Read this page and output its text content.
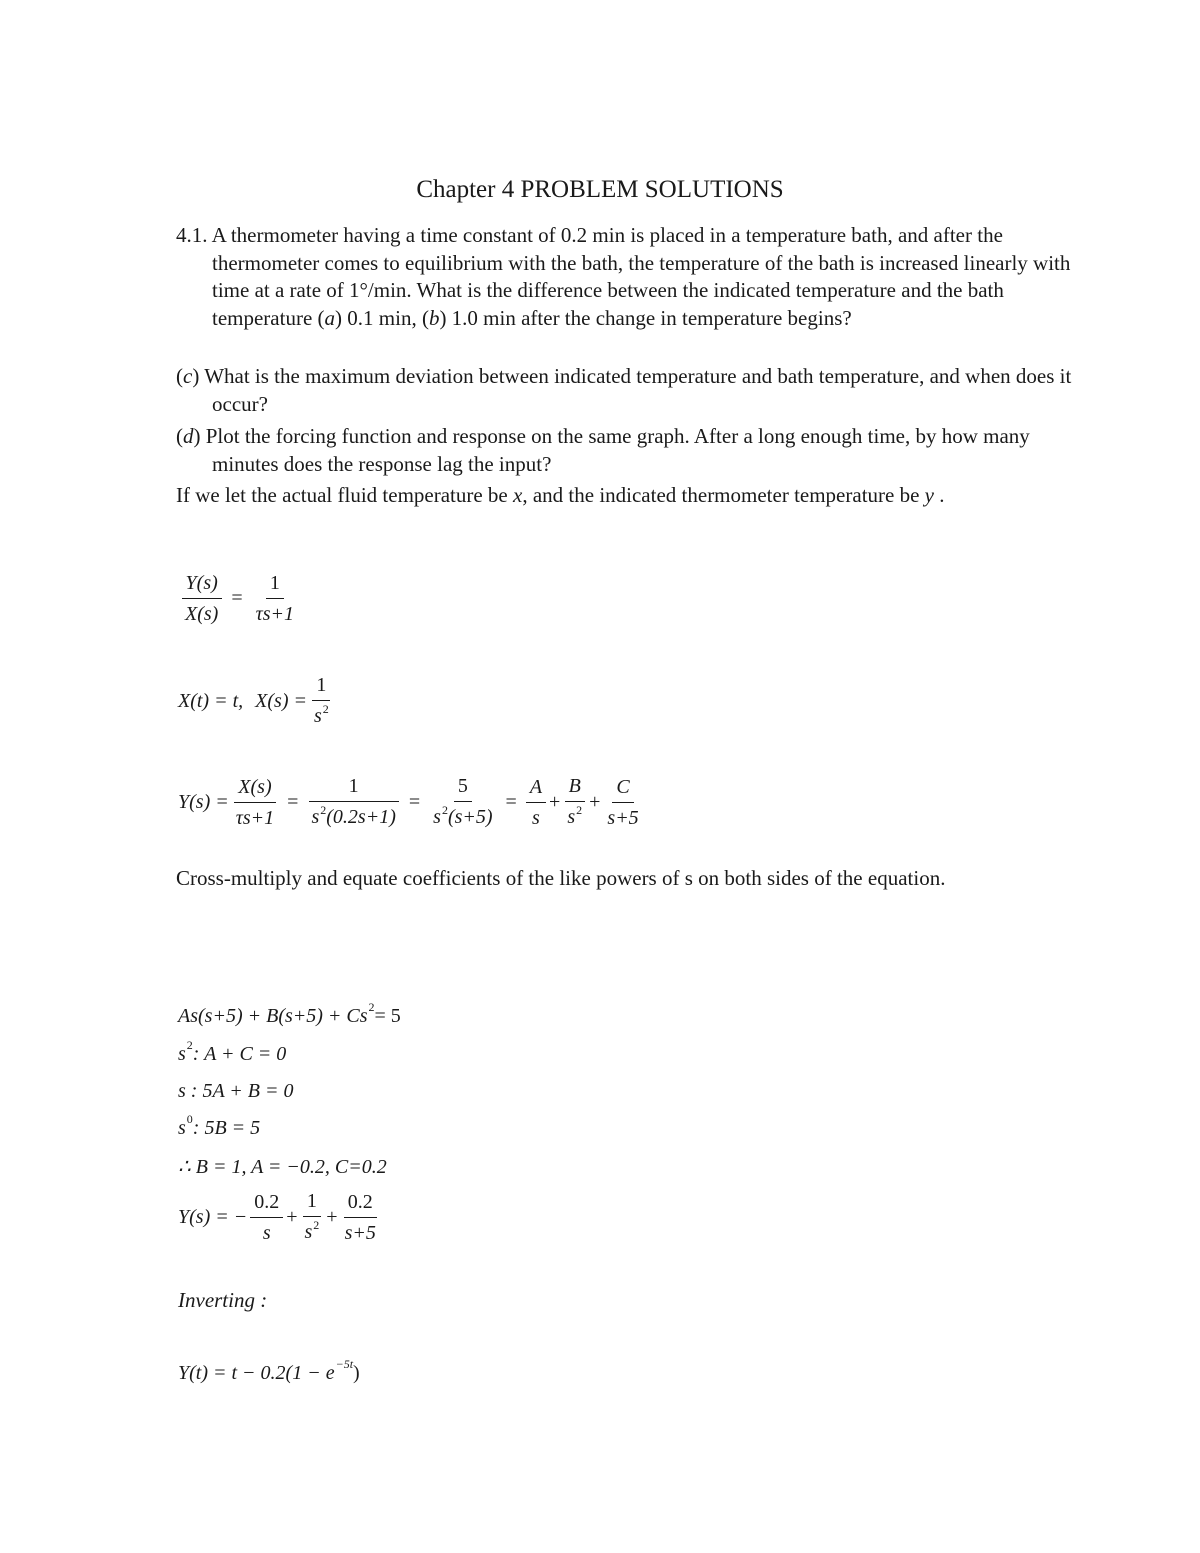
Chapter 4 PROBLEM SOLUTIONS

4.1. A thermometer having a time constant of 0.2 min is placed in a temperature bath, and after the thermometer comes to equilibrium with the bath, the temperature of the bath is increased linearly with time at a rate of 1°/min. What is the difference between the indicated temperature and the bath temperature (a) 0.1 min, (b) 1.0 min after the change in temperature begins?

(c) What is the maximum deviation between indicated temperature and bath temperature, and when does it occur?

(d) Plot the forcing function and response on the same graph. After a long enough time, by how many minutes does the response lag the input?

If we let the actual fluid temperature be x, and the indicated thermometer temperature be y .

$\frac{Y(s)}{X(s)} = \frac{1}{\tau s+1}$
X(t) = t, $X(s) = \frac{1}{s^2}$
$Y(s) = \frac{X(s)}{\tau s+1} = \frac{1}{s^2(0.2s+1)} = \frac{5}{s^2(s+5)} = \frac{A}{s} + \frac{B}{s^2} + \frac{C}{s+5}$

Cross-multiply and equate coefficients of the like powers of s on both sides of the equation.

As(s+5) + B(s+5) + Cs 2 = 5
s 2 : A + C = 0
s : 5A + B = 0
s 0 : 5B = 5
∴ B = 1, A = −0.2, C=0.2
Y(s) = − $\frac{0.2}{s} + \frac{1}{s^2} + \frac{0.2}{s+5}$
Inverting :
Y(t) = t − 0.2(1 − e −5t )
